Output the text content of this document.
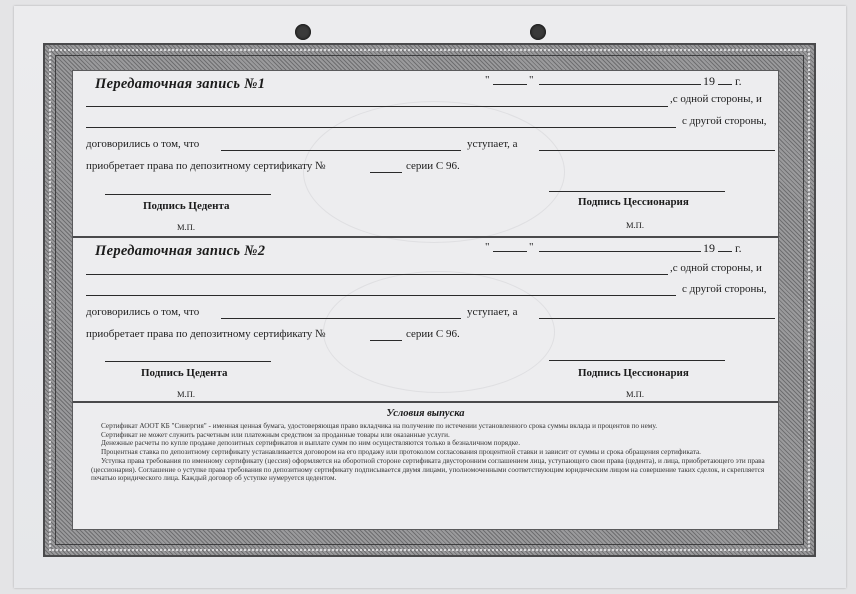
Передаточная запись №1	"	"	19 г.
,с одной стороны, и
с другой стороны,
договорились о том, что	уступает, а
приобретает права по депозитному сертификату №	серии С 96.
Подпись Цедента	Подпись Цессионария
М.П.	М.П.
Передаточная запись №2	"	"	19 г.
,с одной стороны, и
с другой стороны,
договорились о том, что	уступает, а
приобретает права по депозитному сертификату №	серии С 96.
Подпись Цедента	Подпись Цессионария
М.П.	М.П.
Условия выпуска

Сертификат АООТ КБ "Синергия" - именная ценная бумага, удостоверяющая право вкладчика на получение по истечении установленного срока суммы вклада и процентов по нему.

Сертификат не может служить расчетным или платежным средством за проданные товары или оказанные услуги.

Денежные расчеты по купле продаже депозитных сертификатов и выплате сумм по ним осуществляются только в безналичном порядке.

Процентная ставка по депозитному сертификату устанавливается договором на его продажу или протоколом согласования процентной ставки и зависит от суммы и срока обращения сертификата.

Уступка права требования по именному сертификату (цессия) оформляется на оборотной стороне сертификата двусторонним соглашением лица, уступающего свои права (цедента), и лица, приобретающего эти права (цессионария). Соглашение о уступке права требования по депозитному сертификату подписывается двумя лицами, уполномоченными соответствующим юридическим лицом на совершение таких сделок, и скрепляется печатью юридического лица. Каждый договор об уступке нумеруется цедентом.
